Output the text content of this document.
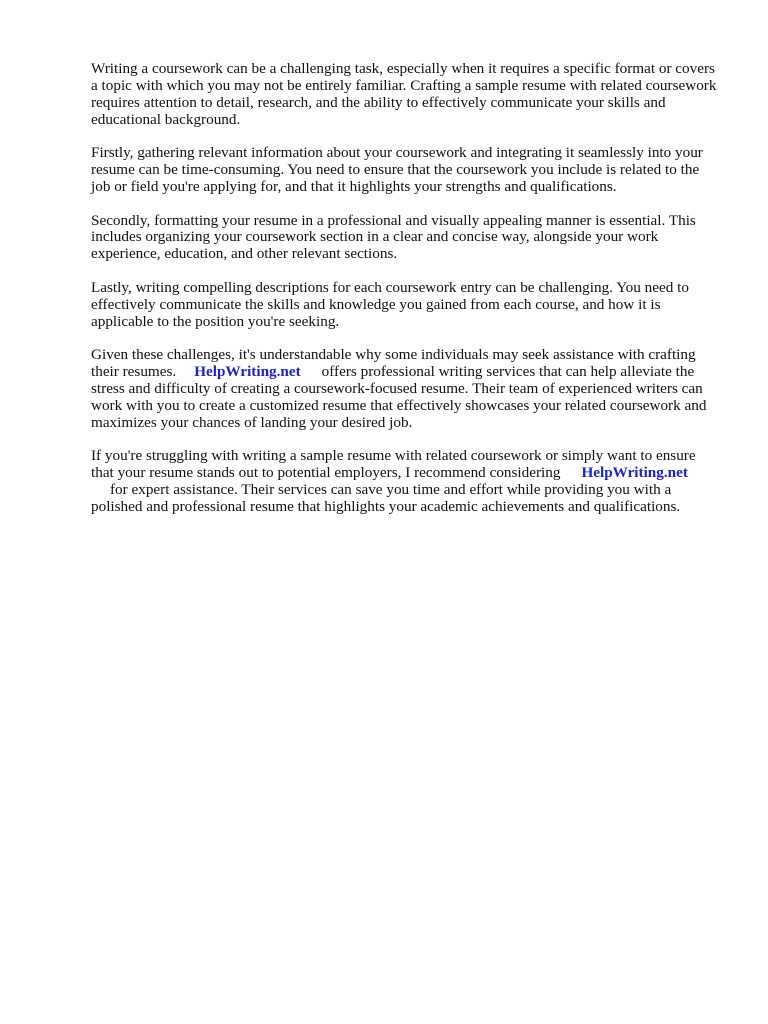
Writing a coursework can be a challenging task, especially when it requires a specific format or covers a topic with which you may not be entirely familiar. Crafting a sample resume with related coursework requires attention to detail, research, and the ability to effectively communicate your skills and educational background.

Firstly, gathering relevant information about your coursework and integrating it seamlessly into your resume can be time-consuming. You need to ensure that the coursework you include is related to the job or field you're applying for, and that it highlights your strengths and qualifications.

Secondly, formatting your resume in a professional and visually appealing manner is essential. This includes organizing your coursework section in a clear and concise way, alongside your work experience, education, and other relevant sections.

Lastly, writing compelling descriptions for each coursework entry can be challenging. You need to effectively communicate the skills and knowledge you gained from each course, and how it is applicable to the position you're seeking.

Given these challenges, it's understandable why some individuals may seek assistance with crafting their resumes. HelpWriting.net offers professional writing services that can help alleviate the stress and difficulty of creating a coursework-focused resume. Their team of experienced writers can work with you to create a customized resume that effectively showcases your related coursework and maximizes your chances of landing your desired job.

If you're struggling with writing a sample resume with related coursework or simply want to ensure that your resume stands out to potential employers, I recommend considering HelpWriting.net
for expert assistance. Their services can save you time and effort while providing you with a polished and professional resume that highlights your academic achievements and qualifications.
